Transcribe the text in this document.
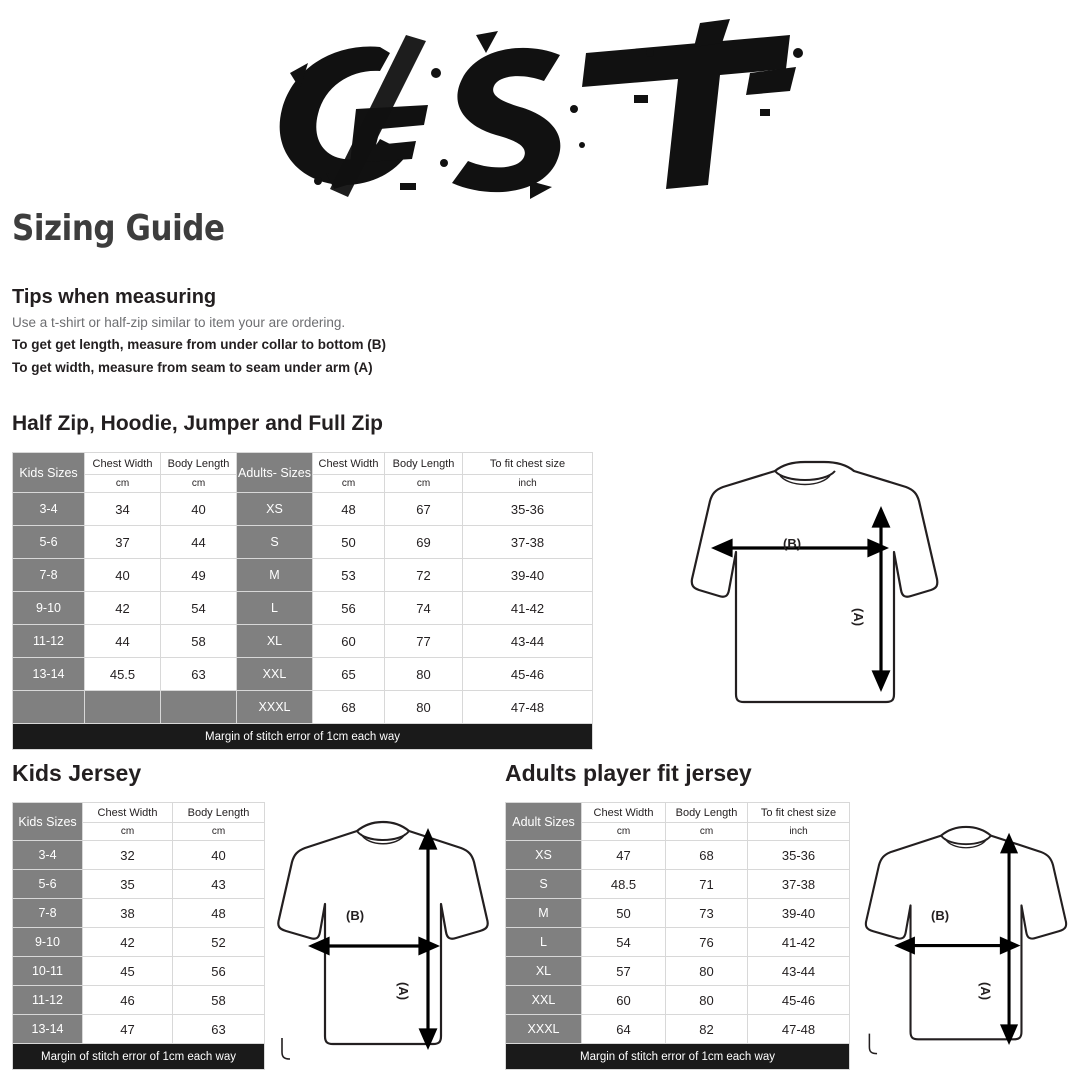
Sizing Guide
Tips when measuring
Use a t-shirt or half-zip similar to item your are ordering.
To get get length, measure from under collar to bottom (B)
To get width, measure from seam to seam under arm (A)
Half Zip, Hoodie, Jumper and Full Zip
Kids Jersey	Adults player fit jersey
Kids Sizes	Chest Width	Body Length	Adults- Sizes	Chest Width	Body Length	To fit chest size
	cm	cm		cm	cm	inch
3-4	34	40	XS	48	67	35-36
5-6	37	44	S	50	69	37-38
7-8	40	49	M	53	72	39-40
9-10	42	54	L	56	74	41-42
11-12	44	58	XL	60	77	43-44
13-14	45.5	63	XXL	65	80	45-46
			XXXL	68	80	47-48
Margin of stitch error of 1cm each way						
Kids Sizes	Chest Width	Body Length
	cm	cm
3-4	32	40
5-6	35	43
7-8	38	48
9-10	42	52
10-11	45	56
11-12	46	58
13-14	47	63
Margin of stitch error of 1cm each way		
Adult Sizes	Chest Width	Body Length	To fit chest size
	cm	cm	inch
XS	47	68	35-36
S	48.5	71	37-38
M	50	73	39-40
L	54	76	41-42
XL	57	80	43-44
XXL	60	80	45-46
XXXL	64	82	47-48
Margin of stitch error of 1cm each way			
(B)
(A)
(B)
(A)
(B)
(A)
